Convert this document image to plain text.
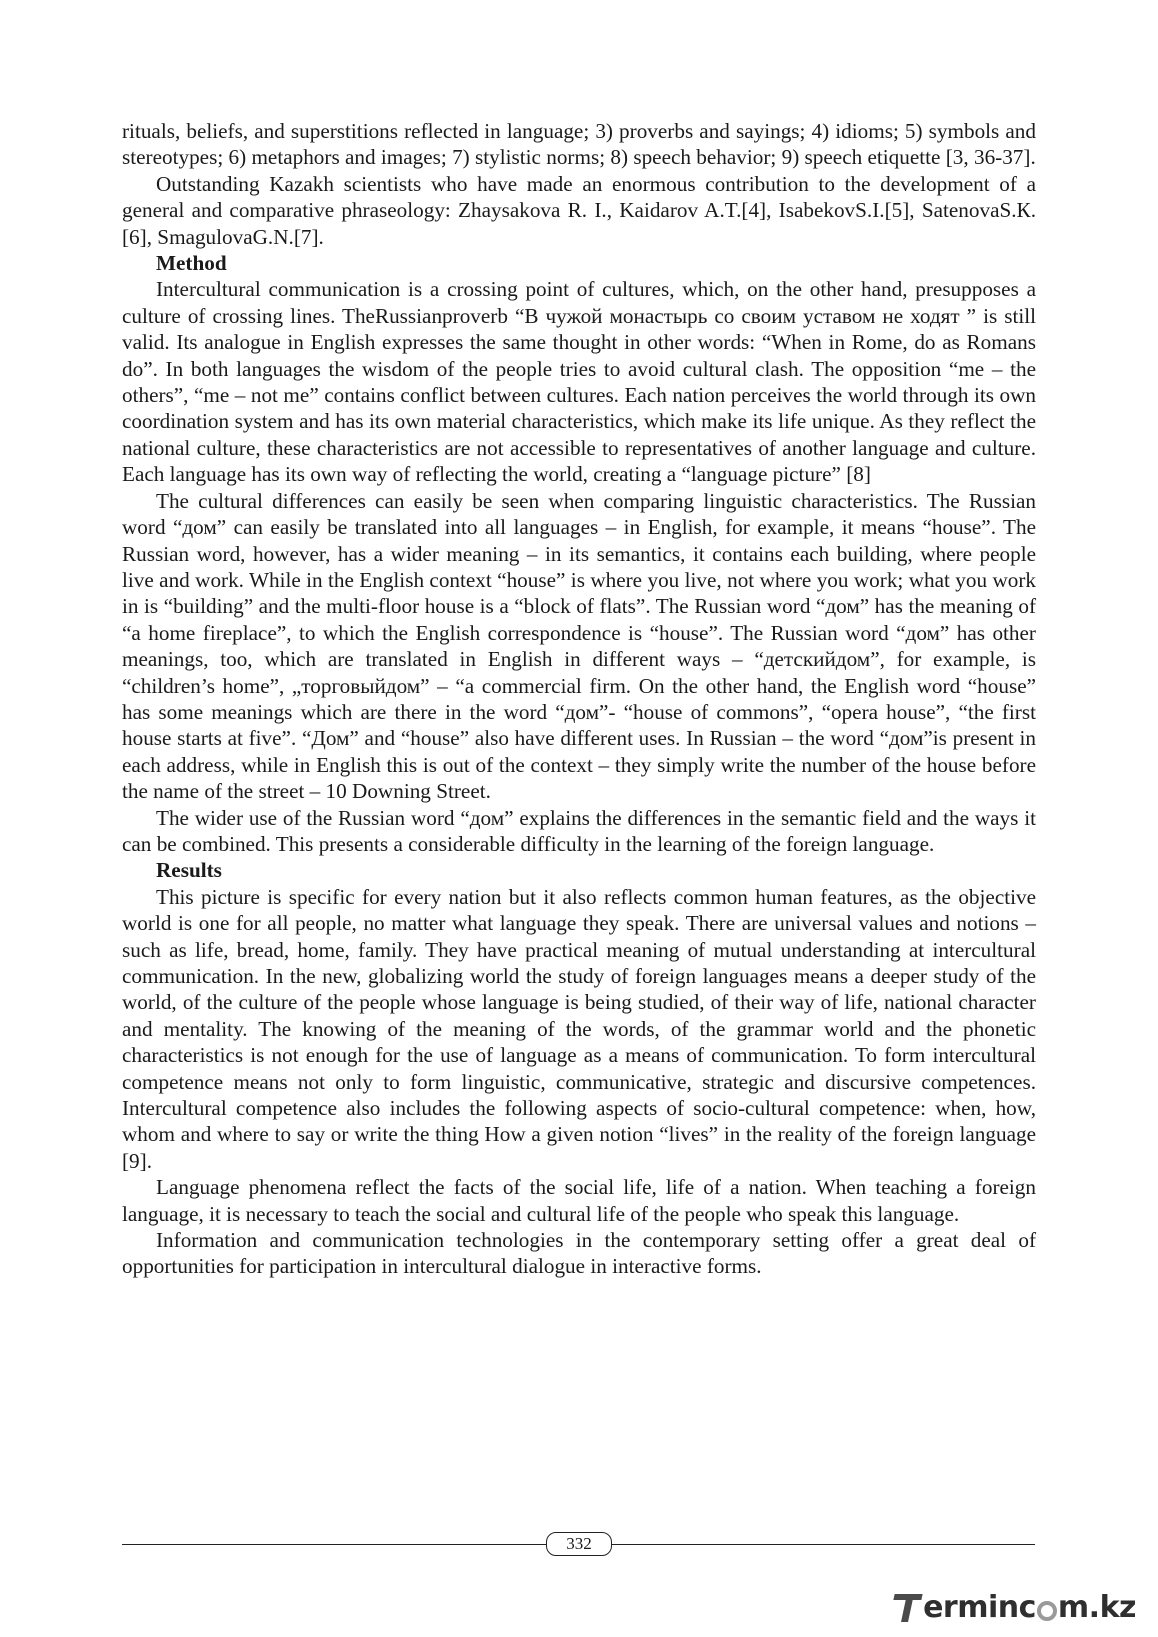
rituals, beliefs, and superstitions reflected in language; 3) proverbs and sayings; 4) idioms; 5) symbols and stereotypes; 6) metaphors and images; 7) stylistic norms; 8) speech behavior; 9) speech etiquette [3, 36-37].

Outstanding Kazakh scientists who have made an enormous contribution to the development of a general and comparative phraseology: Zhaysakova R. I., Kaidarov A.T.[4], IsabekovS.I.[5], SatenovaS.К.[6], SmagulovaG.N.[7].

Method

Intercultural communication is a crossing point of cultures, which, on the other hand, presupposes a culture of crossing lines. TheRussianproverb “В чужой монастырь со своим уставом не ходят ” is still valid. Its analogue in English expresses the same thought in other words: “When in Rome, do as Romans do”. In both languages the wisdom of the people tries to avoid cultural clash. The opposition “me – the others”, “me – not me” contains conflict between cultures. Each nation perceives the world through its own coordination system and has its own material characteristics, which make its life unique. As they reflect the national culture, these characteristics are not accessible to representatives of another language and culture. Each language has its own way of reflecting the world, creating a “language picture” [8]

The cultural differences can easily be seen when comparing linguistic characteristics. The Russian word “дом” can easily be translated into all languages – in English, for example, it means “house”. The Russian word, however, has a wider meaning – in its semantics, it contains each building, where people live and work. While in the English context “house” is where you live, not where you work; what you work in is “building” and the multi-floor house is a “block of flats”. The Russian word “дом” has the meaning of “a home fireplace”, to which the English correspondence is “house”. The Russian word “дом” has other meanings, too, which are translated in English in different ways – “детскийдом”, for example, is “children’s home”, „торговыйдом” – “a commercial firm. On the other hand, the English word “house” has some meanings which are there in the word “дом”- “house of commons”, “opera house”, “the first house starts at five”. “Дом” and “house” also have different uses. In Russian – the word “дом”is present in each address, while in English this is out of the context – they simply write the number of the house before the name of the street – 10 Downing Street.

The wider use of the Russian word “дом” explains the differences in the semantic field and the ways it can be combined. This presents a considerable difficulty in the learning of the foreign language.

Results

This picture is specific for every nation but it also reflects common human features, as the objective world is one for all people, no matter what language they speak. There are universal values and notions – such as life, bread, home, family. They have practical meaning of mutual understanding at intercultural communication. In the new, globalizing world the study of foreign languages means a deeper study of the world, of the culture of the people whose language is being studied, of their way of life, national character and mentality. The knowing of the meaning of the words, of the grammar world and the phonetic characteristics is not enough for the use of language as a means of communication. To form intercultural competence means not only to form linguistic, communicative, strategic and discursive competences. Intercultural competence also includes the following aspects of socio-cultural competence: when, how, whom and where to say or write the thing How a given notion “lives” in the reality of the foreign language [9].

Language phenomena reflect the facts of the social life, life of a nation. When teaching a foreign language, it is necessary to teach the social and cultural life of the people who speak this language.

Information and communication technologies in the contemporary setting offer a great deal of opportunities for participation in intercultural dialogue in interactive forms.

332
ermin c m.kz
